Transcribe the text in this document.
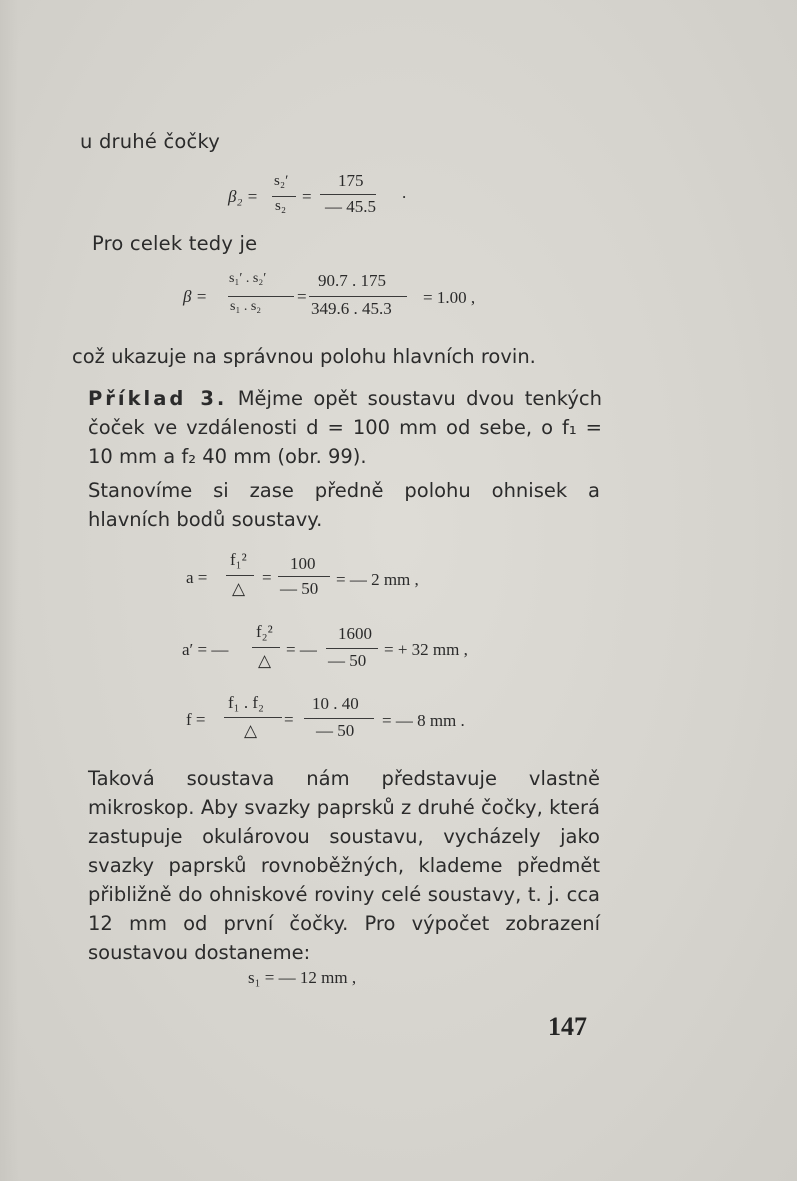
u druhé čočky

β₂ =
s₂′
s₂ =
175
— 45.5
.

Pro celek tedy je

β =
s₁′ . s₂′
s₁ . s₂
=
90.7 . 175
349.6 . 45.3
= 1.00 ,

což ukazuje na správnou polohu hlavních rovin.

Příklad 3. Mějme opět soustavu dvou tenkých čoček ve vzdálenosti d = 100 mm od sebe, o f₁ = 10 mm a f₂ 40 mm (obr. 99).

Stanovíme si zase předně polohu ohnisek a hlavních bodů soustavy.

a =
f₁²
△
=
100
— 50 = — 2 mm ,
a′ = —
f₂²
△
= —
1600
— 50
= + 32 mm ,
f =
f₁ . f₂
△
=
10 . 40
— 50
= — 8 mm .

Taková soustava nám představuje vlastně mikroskop. Aby svazky paprsků z druhé čočky, která zastupuje okulárovou soustavu, vycházely jako svazky paprsků rovnoběžných, klademe předmět přibližně do ohniskové roviny celé soustavy, t. j. cca 12 mm od první čočky. Pro výpočet zobrazení soustavou dostaneme:

s₁ = — 12 mm ,

147
